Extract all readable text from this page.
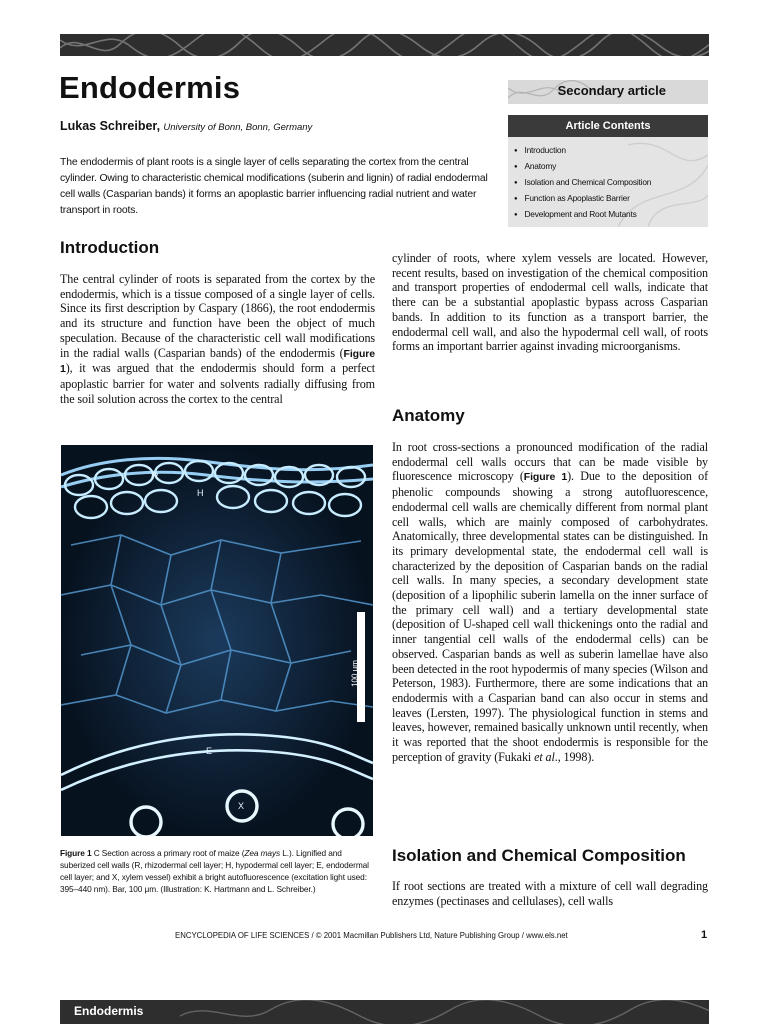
Endodermis
Lukas Schreiber, University of Bonn, Bonn, Germany
The endodermis of plant roots is a single layer of cells separating the cortex from the central cylinder. Owing to characteristic chemical modifications (suberin and lignin) of radial endodermal cell walls (Casparian bands) it forms an apoplastic barrier influencing radial nutrient and water transport in roots.
Secondary article
Article Contents
● Introduction
● Anatomy
● Isolation and Chemical Composition
● Function as Apoplastic Barrier
● Development and Root Mutants
Introduction

The central cylinder of roots is separated from the cortex by the endodermis, which is a tissue composed of a single layer of cells. Since its first description by Caspary (1866), the root endodermis and its structure and function have been the object of much speculation. Because of the characteristic cell wall modifications in the radial walls (Casparian bands) of the endodermis (Figure 1), it was argued that the endodermis should form a perfect apoplastic barrier for water and solvents radially diffusing from the soil solution across the cortex to the central

R
H
E
X
100 μm
Figure 1 C Section across a primary root of maize (Zea mays L.). Lignified and suberized cell walls (R, rhizodermal cell layer; H, hypodermal cell layer; E, endodermal cell layer; and X, xylem vessel) exhibit a bright autofluorescence (excitation light used: 395–440 nm). Bar, 100 μm. (Illustration: K. Hartmann and L. Schreiber.)

cylinder of roots, where xylem vessels are located. However, recent results, based on investigation of the chemical composition and transport properties of endodermal cell walls, indicate that there can be a substantial apoplastic bypass across Casparian bands. In addition to its function as a transport barrier, the endodermal cell wall, and also the hypodermal cell wall, of roots forms an important barrier against invading microorganisms.

Anatomy

In root cross-sections a pronounced modification of the radial endodermal cell walls occurs that can be made visible by fluorescence microscopy (Figure 1). Due to the deposition of phenolic compounds showing a strong autofluorescence, endodermal cell walls are chemically different from normal plant cell walls, which are mainly composed of carbohydrates. Anatomically, three developmental states can be distinguished. In its primary developmental state, the endodermal cell wall is characterized by the deposition of Casparian bands on the radial cell walls. In many species, a secondary development state (deposition of a lipophilic suberin lamella on the inner surface of the primary cell wall) and a tertiary developmental state (deposition of U-shaped cell wall thickenings onto the radial and inner tangential cell walls of the endodermal cells) can be observed. Casparian bands as well as suberin lamellae have also been detected in the root hypodermis of many species (Wilson and Peterson, 1983). Furthermore, there are some indications that an endodermis with a Casparian band can also occur in stems and leaves (Lersten, 1997). The physiological function in stems and leaves, however, remained basically unknown until recently, when it was reported that the shoot endodermis is responsible for the perception of gravity (Fukaki et al., 1998).

Isolation and Chemical Composition

If root sections are treated with a mixture of cell wall degrading enzymes (pectinases and cellulases), cell walls

ENCYCLOPEDIA OF LIFE SCIENCES / © 2001 Macmillan Publishers Ltd, Nature Publishing Group / www.els.net	1
Endodermis
